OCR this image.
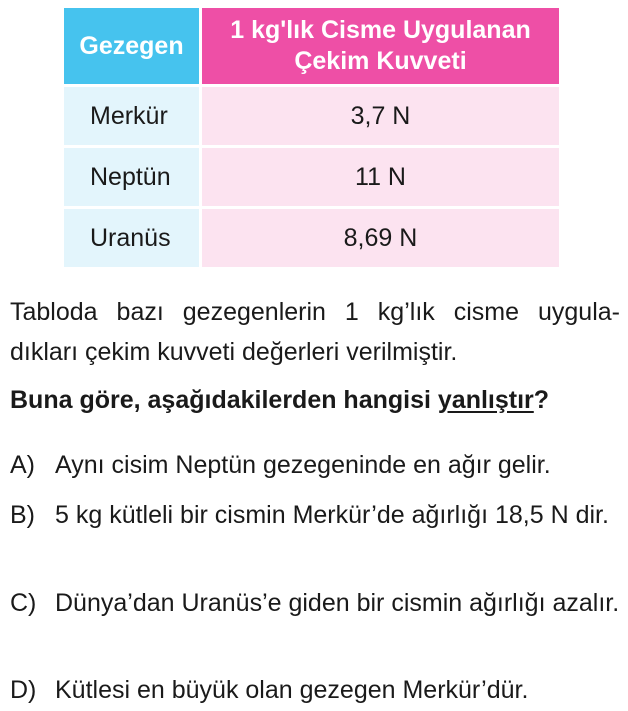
Gezegen	1 kg'lık Cisme Uygulanan
Çekim Kuvveti
Merkür	3,7 N
Neptün	11 N
Uranüs	8,69 N

Tabloda bazı gezegenlerin 1 kg’lık cisme uygula- dıkları çekim kuvveti değerleri verilmiştir.

Buna göre, aşağıdakilerden hangisi yanlıştır?

A) Aynı cisim Neptün gezegeninde en ağır gelir.
B) 5 kg kütleli bir cismin Merkür’de ağırlığı 18,5 N dir.
C) Dünya’dan Uranüs’e giden bir cismin ağırlığı azalır.
D) Kütlesi en büyük olan gezegen Merkür’dür.
